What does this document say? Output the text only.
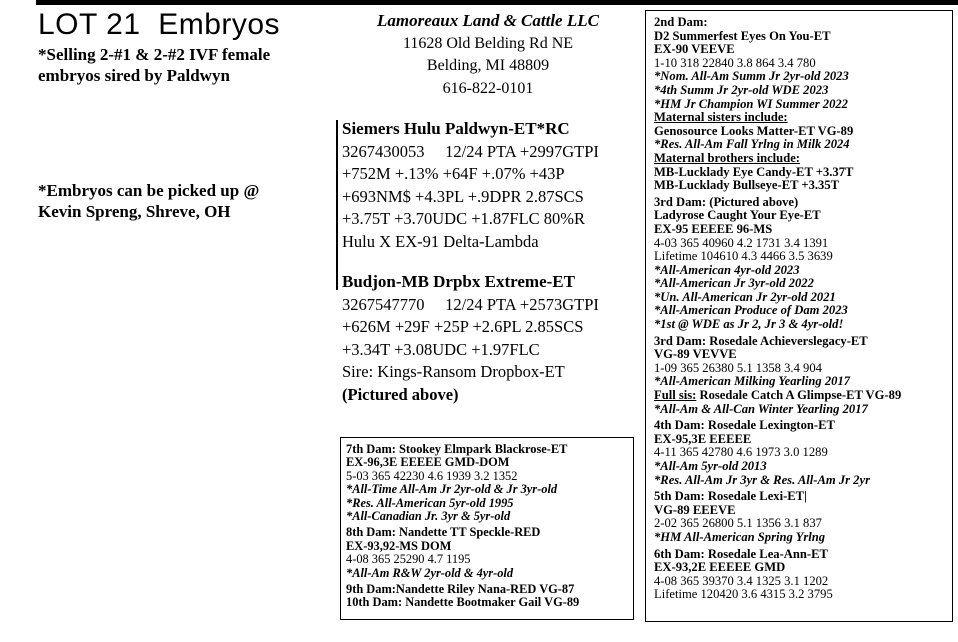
LOT 21 Embryos
*Selling 2-#1 & 2-#2 IVF female
embryos sired by Paldwyn
*Embryos can be picked up @
Kevin Spreng, Shreve, OH
Lamoreaux Land & Cattle LLC
11628 Old Belding Rd NE
Belding, MI 48809
616-822-0101
Siemers Hulu Paldwyn-ET*RC
3267430053     12/24 PTA +2997GTPI
+752M +.13% +64F +.07% +43P
+693NM$ +4.3PL +.9DPR 2.87SCS
+3.75T +3.70UDC +1.87FLC 80%R
Hulu X EX-91 Delta-Lambda
Budjon-MB Drpbx Extreme-ET
3267547770     12/24 PTA +2573GTPI
+626M +29F +25P +2.6PL 2.85SCS
+3.34T +3.08UDC +1.97FLC
Sire: Kings-Ransom Dropbox-ET
(Pictured above)
7th Dam: Stookey Elmpark Blackrose-ET
EX-96,3E EEEEE GMD-DOM
5-03 365 42230 4.6 1939 3.2 1352
*All-Time All-Am Jr 2yr-old & Jr 3yr-old
*Res. All-American 5yr-old 1995
*All-Canadian Jr. 3yr & 5yr-old
8th Dam: Nandette TT Speckle-RED
EX-93,92-MS DOM
4-08 365 25290 4.7 1195
*All-Am R&W 2yr-old & 4yr-old
9th Dam:Nandette Riley Nana-RED VG-87
10th Dam: Nandette Bootmaker Gail VG-89
2nd Dam:
D2 Summerfest Eyes On You-ET
EX-90 VEEVE
1-10 318 22840 3.8 864 3.4 780
*Nom. All-Am Summ Jr 2yr-old 2023
*4th Summ Jr 2yr-old WDE 2023
*HM Jr Champion WI Summer 2022
Maternal sisters include:
Genosource Looks Matter-ET VG-89
*Res. All-Am Fall Yrlng in Milk 2024
Maternal brothers include:
MB-Lucklady Eye Candy-ET +3.37T
MB-Lucklady Bullseye-ET +3.35T
3rd Dam: (Pictured above)
Ladyrose Caught Your Eye-ET
EX-95 EEEEE 96-MS
4-03 365 40960 4.2 1731 3.4 1391
Lifetime 104610 4.3 4466 3.5 3639
*All-American 4yr-old 2023
*All-American Jr 3yr-old 2022
*Un. All-American Jr 2yr-old 2021
*All-American Produce of Dam 2023
*1st @ WDE as Jr 2, Jr 3 & 4yr-old!
3rd Dam: Rosedale Achieverslegacy-ET
VG-89 VEVVE
1-09 365 26380 5.1 1358 3.4 904
*All-American Milking Yearling 2017
Full sis: Rosedale Catch A Glimpse-ET VG-89
*All-Am & All-Can Winter Yearling 2017
4th Dam: Rosedale Lexington-ET
EX-95,3E EEEEE
4-11 365 42780 4.6 1973 3.0 1289
*All-Am 5yr-old 2013
*Res. All-Am Jr 3yr & Res. All-Am Jr 2yr
5th Dam: Rosedale Lexi-ET|
VG-89 EEEVE
2-02 365 26800 5.1 1356 3.1 837
*HM All-American Spring Yrlng
6th Dam: Rosedale Lea-Ann-ET
EX-93,2E EEEEE GMD
4-08 365 39370 3.4 1325 3.1 1202
Lifetime 120420 3.6 4315 3.2 3795
